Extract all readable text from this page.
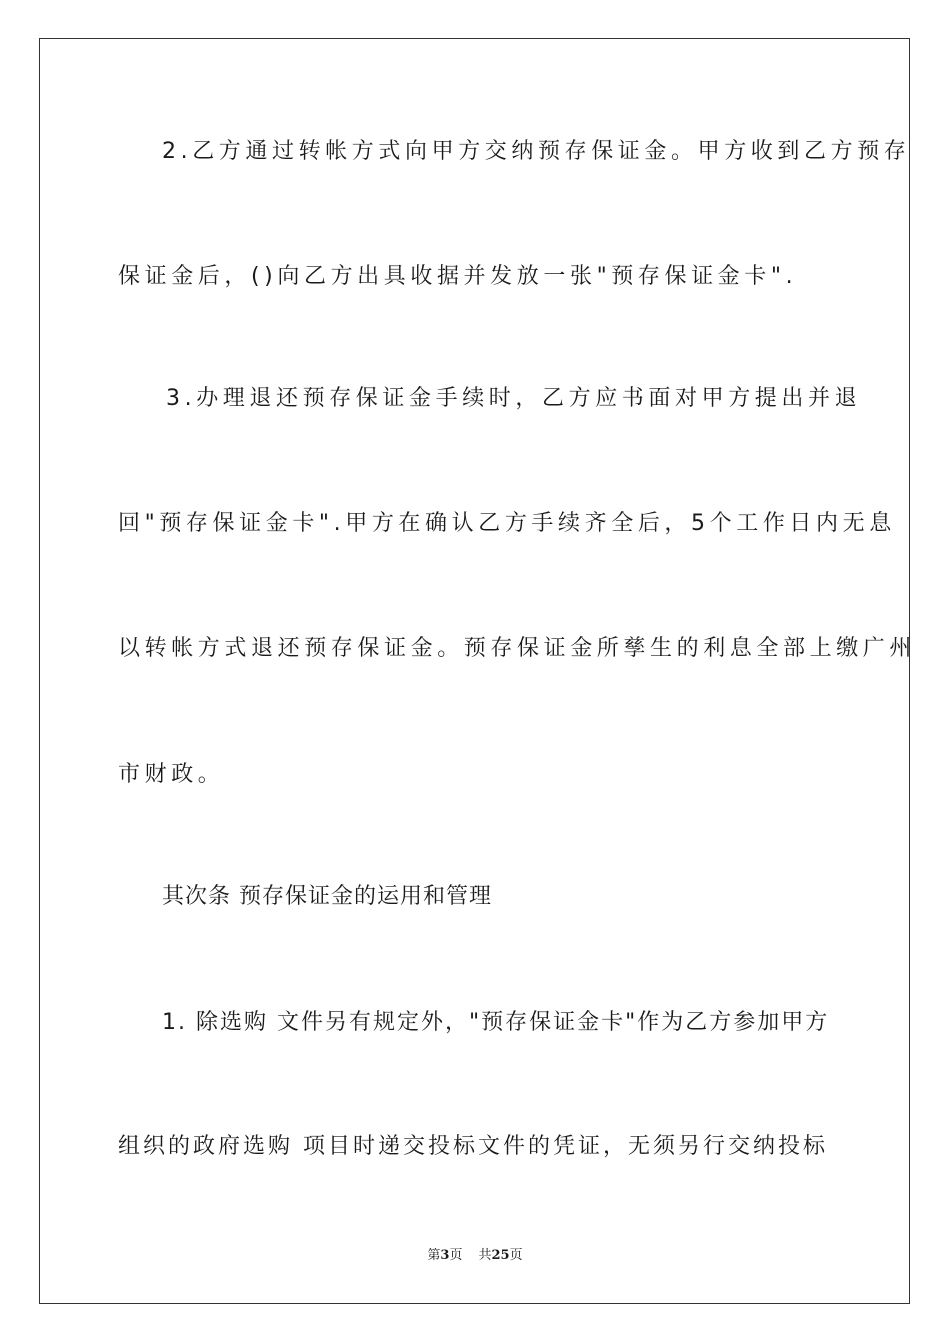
2.乙方通过转帐方式向甲方交纳预存保证金。甲方收到乙方预存
保证金后，()向乙方出具收据并发放一张"预存保证金卡".
3.办理退还预存保证金手续时，乙方应书面对甲方提出并退
回"预存保证金卡".甲方在确认乙方手续齐全后，5个工作日内无息
以转帐方式退还预存保证金。预存保证金所孳生的利息全部上缴广州
市财政。
其次条 预存保证金的运用和管理
1. 除选购 文件另有规定外，"预存保证金卡"作为乙方参加甲方
组织的政府选购 项目时递交投标文件的凭证，无须另行交纳投标
第3页 共25页
